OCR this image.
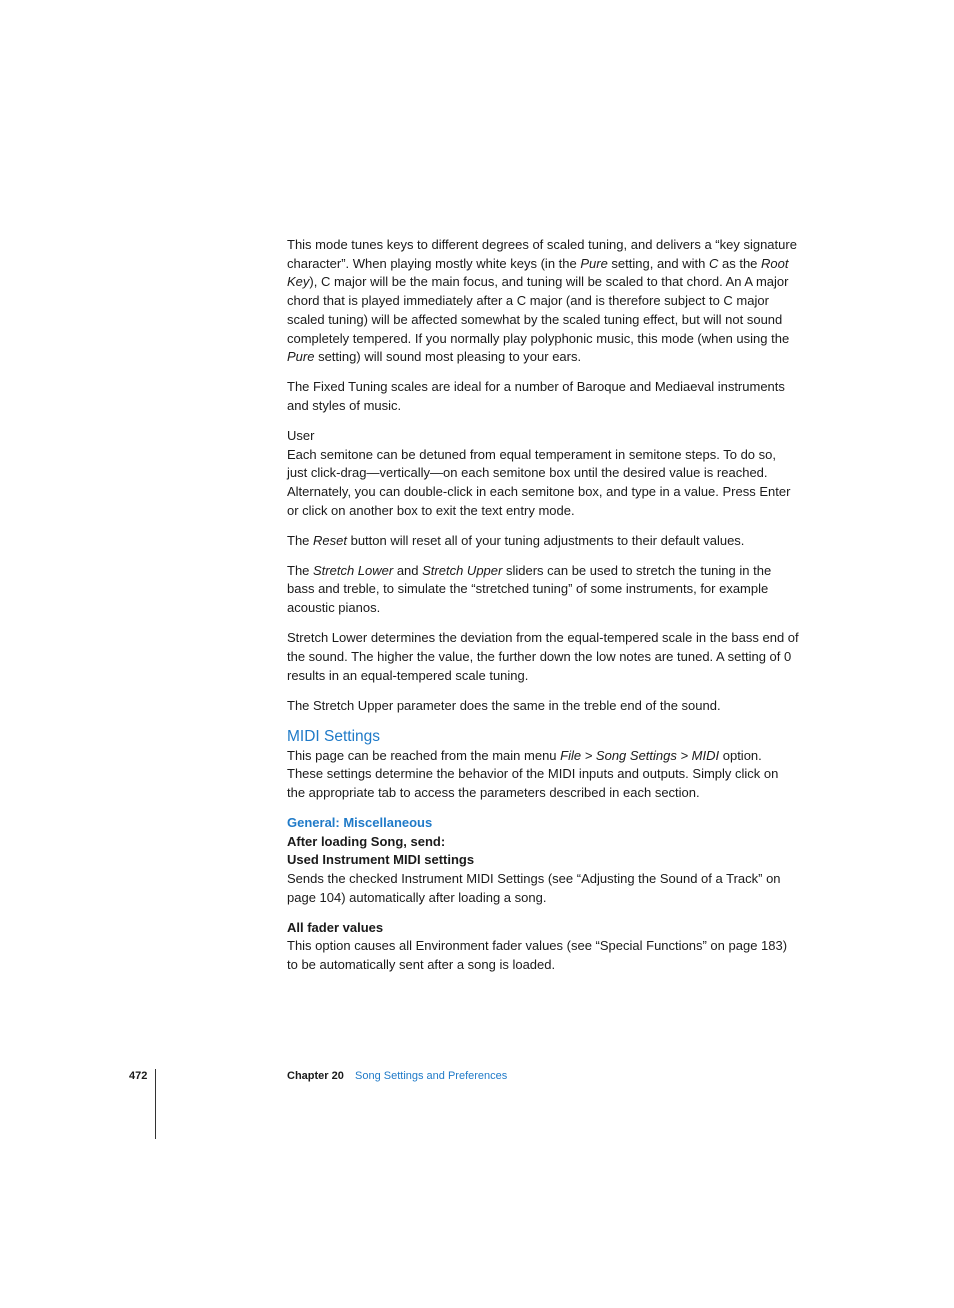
This mode tunes keys to different degrees of scaled tuning, and delivers a “key signature character”. When playing mostly white keys (in the Pure setting, and with C as the Root Key), C major will be the main focus, and tuning will be scaled to that chord. An A major chord that is played immediately after a C major (and is therefore subject to C major scaled tuning) will be affected somewhat by the scaled tuning effect, but will not sound completely tempered. If you normally play polyphonic music, this mode (when using the Pure setting) will sound most pleasing to your ears.

The Fixed Tuning scales are ideal for a number of Baroque and Mediaeval instruments and styles of music.

User

Each semitone can be detuned from equal temperament in semitone steps. To do so, just click-drag—vertically—on each semitone box until the desired value is reached. Alternately, you can double-click in each semitone box, and type in a value. Press Enter or click on another box to exit the text entry mode.

The Reset button will reset all of your tuning adjustments to their default values.

The Stretch Lower and Stretch Upper sliders can be used to stretch the tuning in the bass and treble, to simulate the “stretched tuning” of some instruments, for example acoustic pianos.

Stretch Lower determines the deviation from the equal-tempered scale in the bass end of the sound. The higher the value, the further down the low notes are tuned. A setting of 0 results in an equal-tempered scale tuning.

The Stretch Upper parameter does the same in the treble end of the sound.

MIDI Settings

This page can be reached from the main menu File > Song Settings > MIDI option. These settings determine the behavior of the MIDI inputs and outputs. Simply click on the appropriate tab to access the parameters described in each section.

General: Miscellaneous

After loading Song, send:

Used Instrument MIDI settings

Sends the checked Instrument MIDI Settings (see “Adjusting the Sound of a Track” on page 104) automatically after loading a song.

All fader values

This option causes all Environment fader values (see “Special Functions” on page 183) to be automatically sent after a song is loaded.

472	Chapter 20 Song Settings and Preferences
